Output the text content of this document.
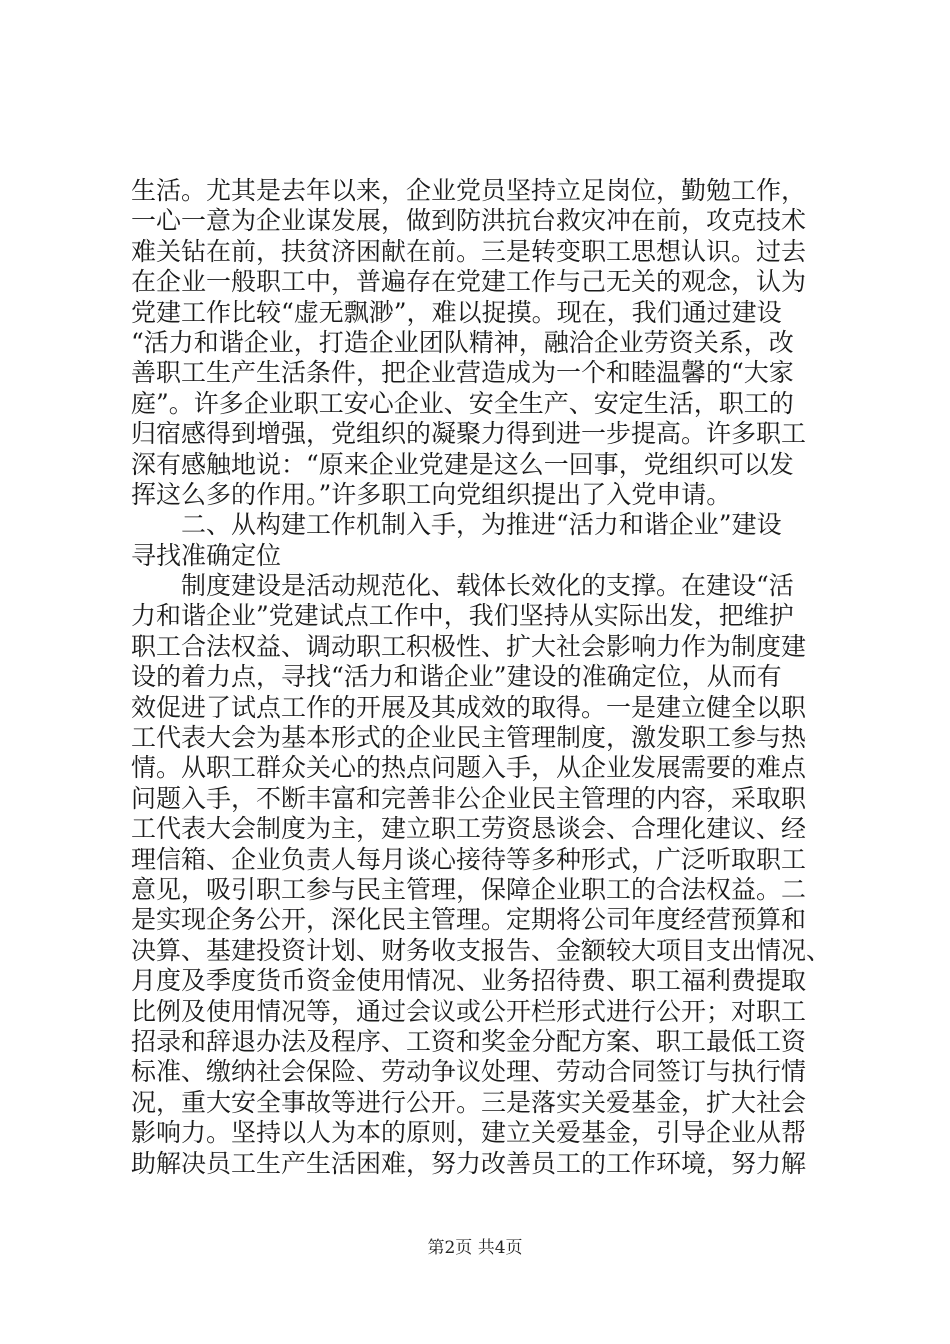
生活。尤其是去年以来，企业党员坚持立足岗位，勤勉工作，
一心一意为企业谋发展，做到防洪抗台救灾冲在前，攻克技术
难关钻在前，扶贫济困献在前。三是转变职工思想认识。过去
在企业一般职工中，普遍存在党建工作与己无关的观念，认为
党建工作比较“虚无飘渺”，难以捉摸。现在，我们通过建设
“活力和谐企业，打造企业团队精神，融洽企业劳资关系，改
善职工生产生活条件，把企业营造成为一个和睦温馨的“大家
庭”。许多企业职工安心企业、安全生产、安定生活，职工的
归宿感得到增强，党组织的凝聚力得到进一步提高。许多职工
深有感触地说：“原来企业党建是这么一回事，党组织可以发
挥这么多的作用。”许多职工向党组织提出了入党申请。
　　二、从构建工作机制入手，为推进“活力和谐企业”建设
寻找准确定位
　　制度建设是活动规范化、载体长效化的支撑。在建设“活
力和谐企业”党建试点工作中，我们坚持从实际出发，把维护
职工合法权益、调动职工积极性、扩大社会影响力作为制度建
设的着力点，寻找“活力和谐企业”建设的准确定位，从而有
效促进了试点工作的开展及其成效的取得。一是建立健全以职
工代表大会为基本形式的企业民主管理制度，激发职工参与热
情。从职工群众关心的热点问题入手，从企业发展需要的难点
问题入手，不断丰富和完善非公企业民主管理的内容，采取职
工代表大会制度为主，建立职工劳资恳谈会、合理化建议、经
理信箱、企业负责人每月谈心接待等多种形式，广泛听取职工
意见，吸引职工参与民主管理，保障企业职工的合法权益。二
是实现企务公开，深化民主管理。定期将公司年度经营预算和
决算、基建投资计划、财务收支报告、金额较大项目支出情况、
月度及季度货币资金使用情况、业务招待费、职工福利费提取
比例及使用情况等，通过会议或公开栏形式进行公开；对职工
招录和辞退办法及程序、工资和奖金分配方案、职工最低工资
标准、缴纳社会保险、劳动争议处理、劳动合同签订与执行情
况，重大安全事故等进行公开。三是落实关爱基金，扩大社会
影响力。坚持以人为本的原则，建立关爱基金，引导企业从帮
助解决员工生产生活困难，努力改善员工的工作环境，努力解
第2页 共4页
